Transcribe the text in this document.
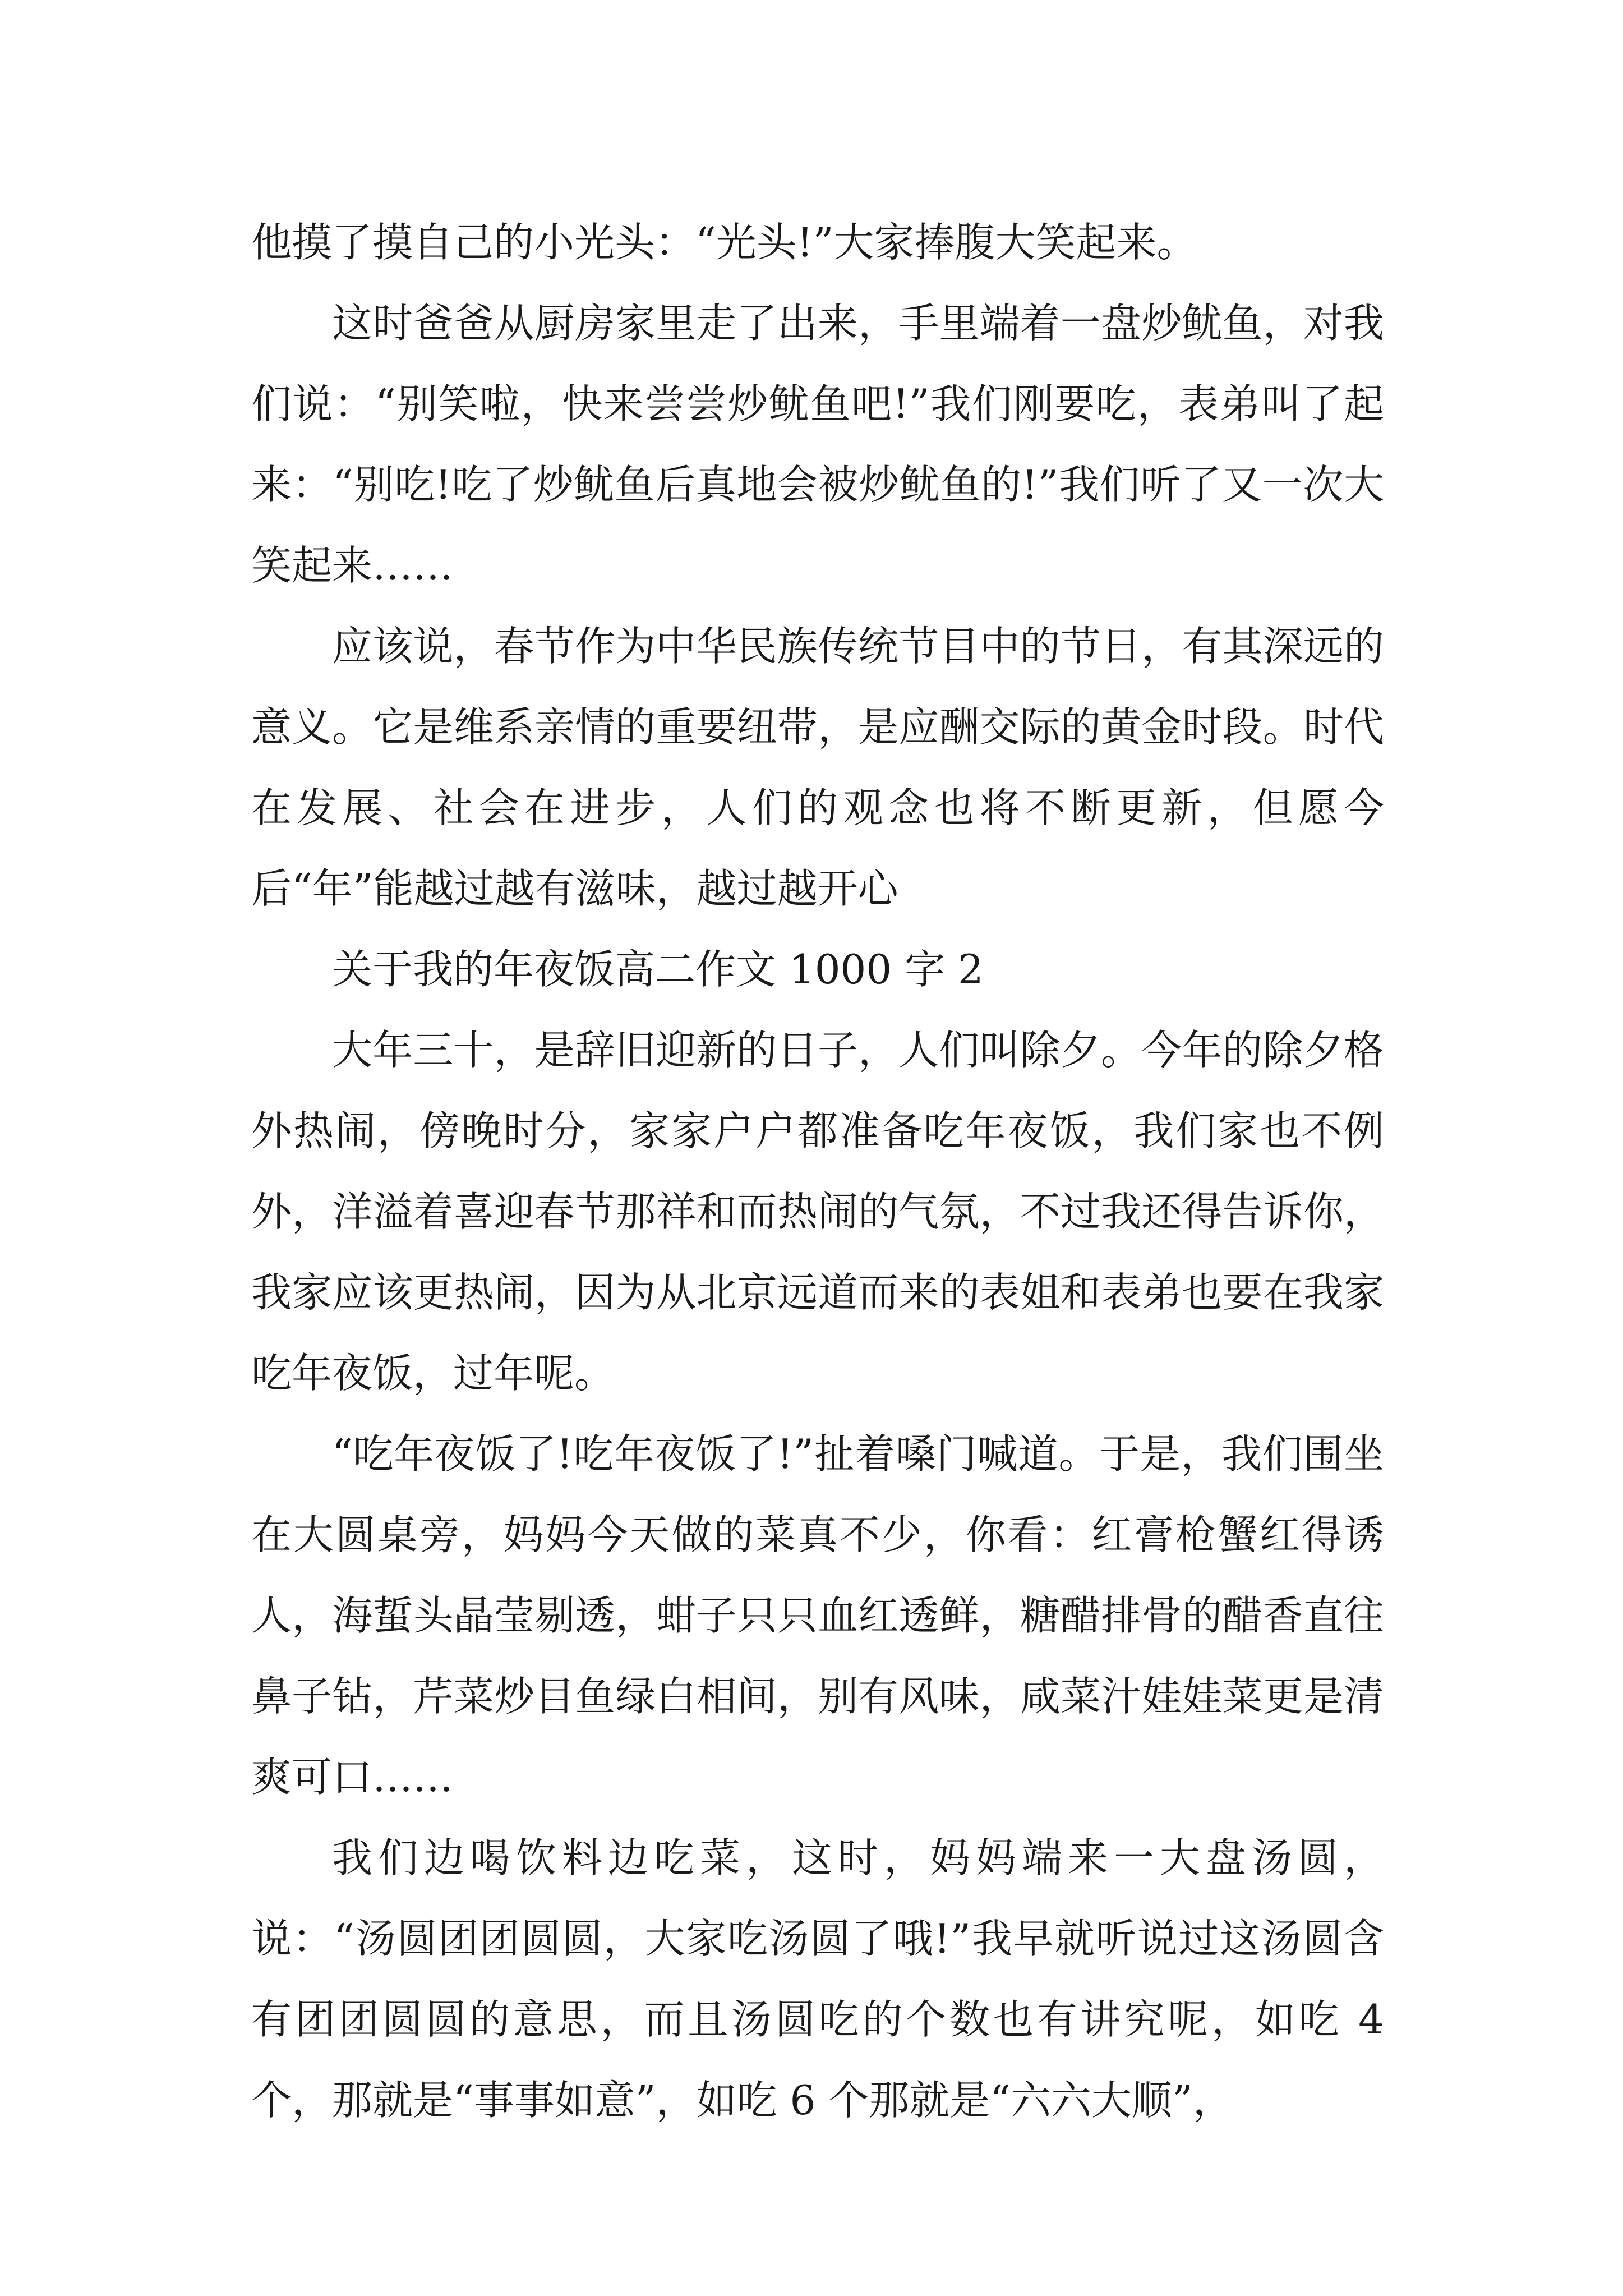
他摸了摸自己的小光头：“光头!”大家捧腹大笑起来。

这时爸爸从厨房家里走了出来，手里端着一盘炒鱿鱼，对我们说：“别笑啦，快来尝尝炒鱿鱼吧!”我们刚要吃，表弟叫了起来：“别吃!吃了炒鱿鱼后真地会被炒鱿鱼的!”我们听了又一次大笑起来……

应该说，春节作为中华民族传统节目中的节日，有其深远的意义。它是维系亲情的重要纽带，是应酬交际的黄金时段。时代在发展、社会在进步，人们的观念也将不断更新，但愿今后“年”能越过越有滋味，越过越开心

关于我的年夜饭高二作文 1000 字 2

大年三十，是辞旧迎新的日子，人们叫除夕。今年的除夕格外热闹，傍晚时分，家家户户都准备吃年夜饭，我们家也不例外，洋溢着喜迎春节那祥和而热闹的气氛，不过我还得告诉你，我家应该更热闹，因为从北京远道而来的表姐和表弟也要在我家吃年夜饭，过年呢。

“吃年夜饭了!吃年夜饭了!”扯着嗓门喊道。于是，我们围坐在大圆桌旁，妈妈今天做的菜真不少，你看：红膏枪蟹红得诱人，海蜇头晶莹剔透，蚶子只只血红透鲜，糖醋排骨的醋香直往鼻子钻，芹菜炒目鱼绿白相间，别有风味，咸菜汁娃娃菜更是清爽可口……

我们边喝饮料边吃菜，这时，妈妈端来一大盘汤圆，说：“汤圆团团圆圆，大家吃汤圆了哦!”我早就听说过这汤圆含有团团圆圆的意思，而且汤圆吃的个数也有讲究呢，如吃 4 个，那就是“事事如意”，如吃 6 个那就是“六六大顺”，
